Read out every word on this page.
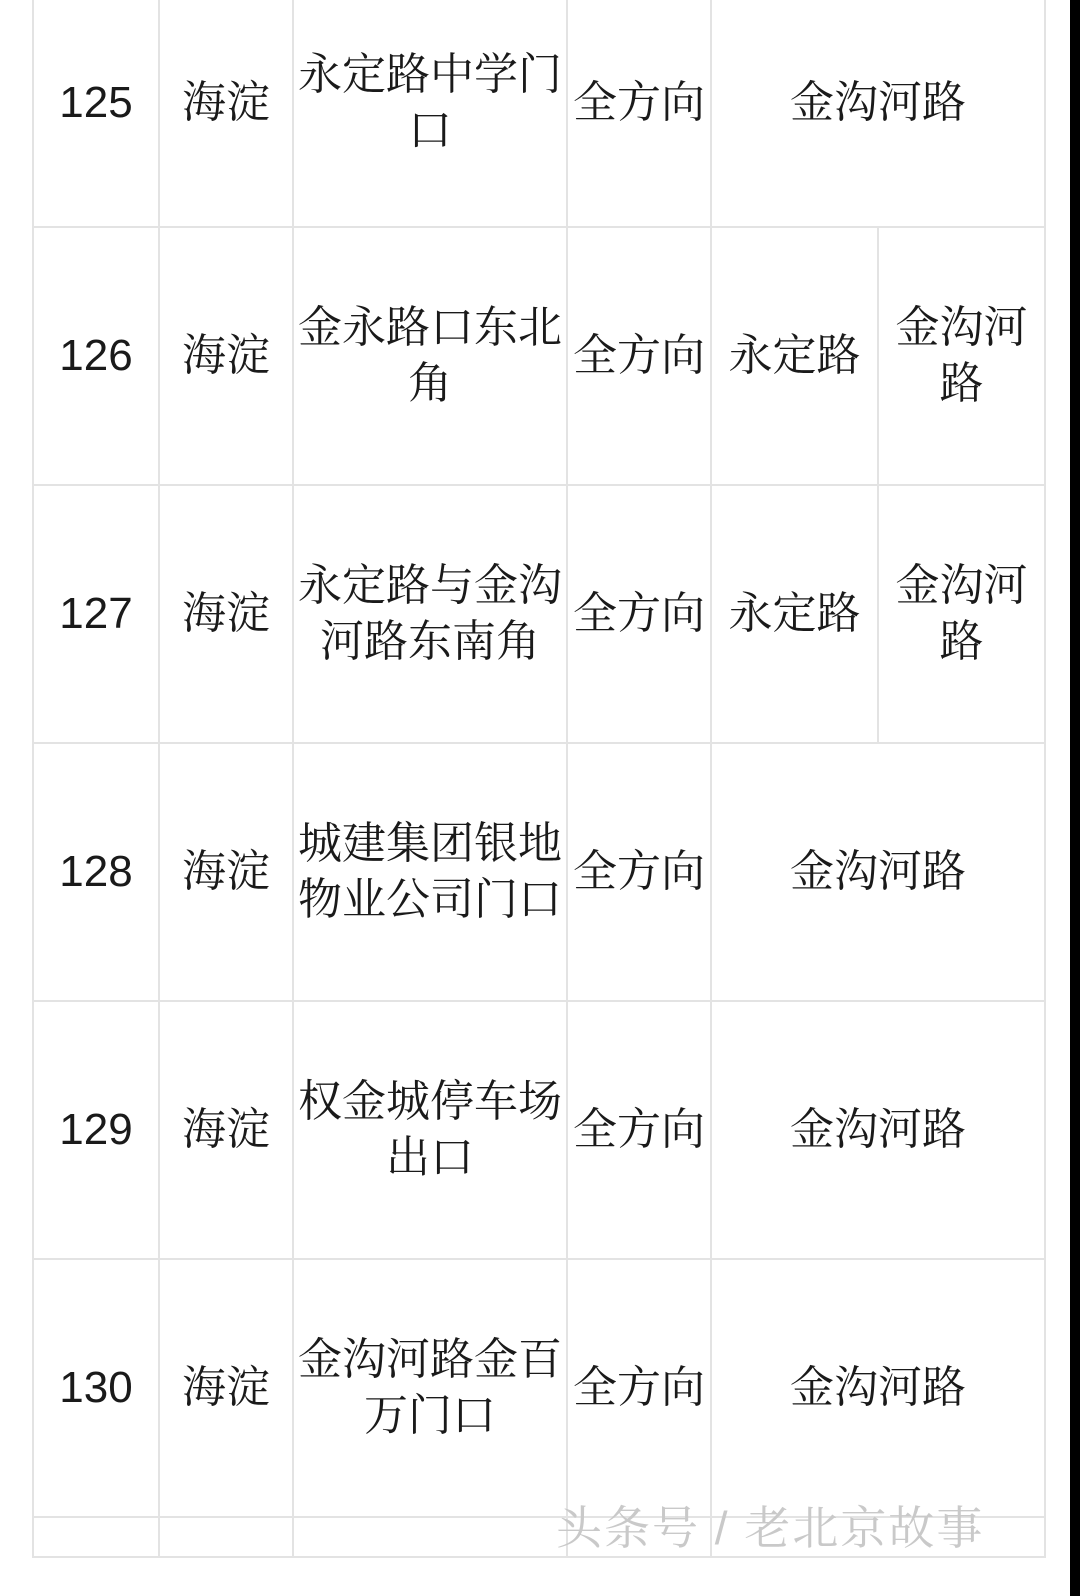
125	海淀	永定路中学门口	全方向	金沟河路	
126	海淀	金永路口东北角	全方向	永定路	金沟河路
127	海淀	永定路与金沟河路东南角	全方向	永定路	金沟河路
128	海淀	城建集团银地物业公司门口	全方向	金沟河路	
129	海淀	权金城停车场出口	全方向	金沟河路	
130	海淀	金沟河路金百万门口	全方向	金沟河路	

头条号 / 老北京故事
